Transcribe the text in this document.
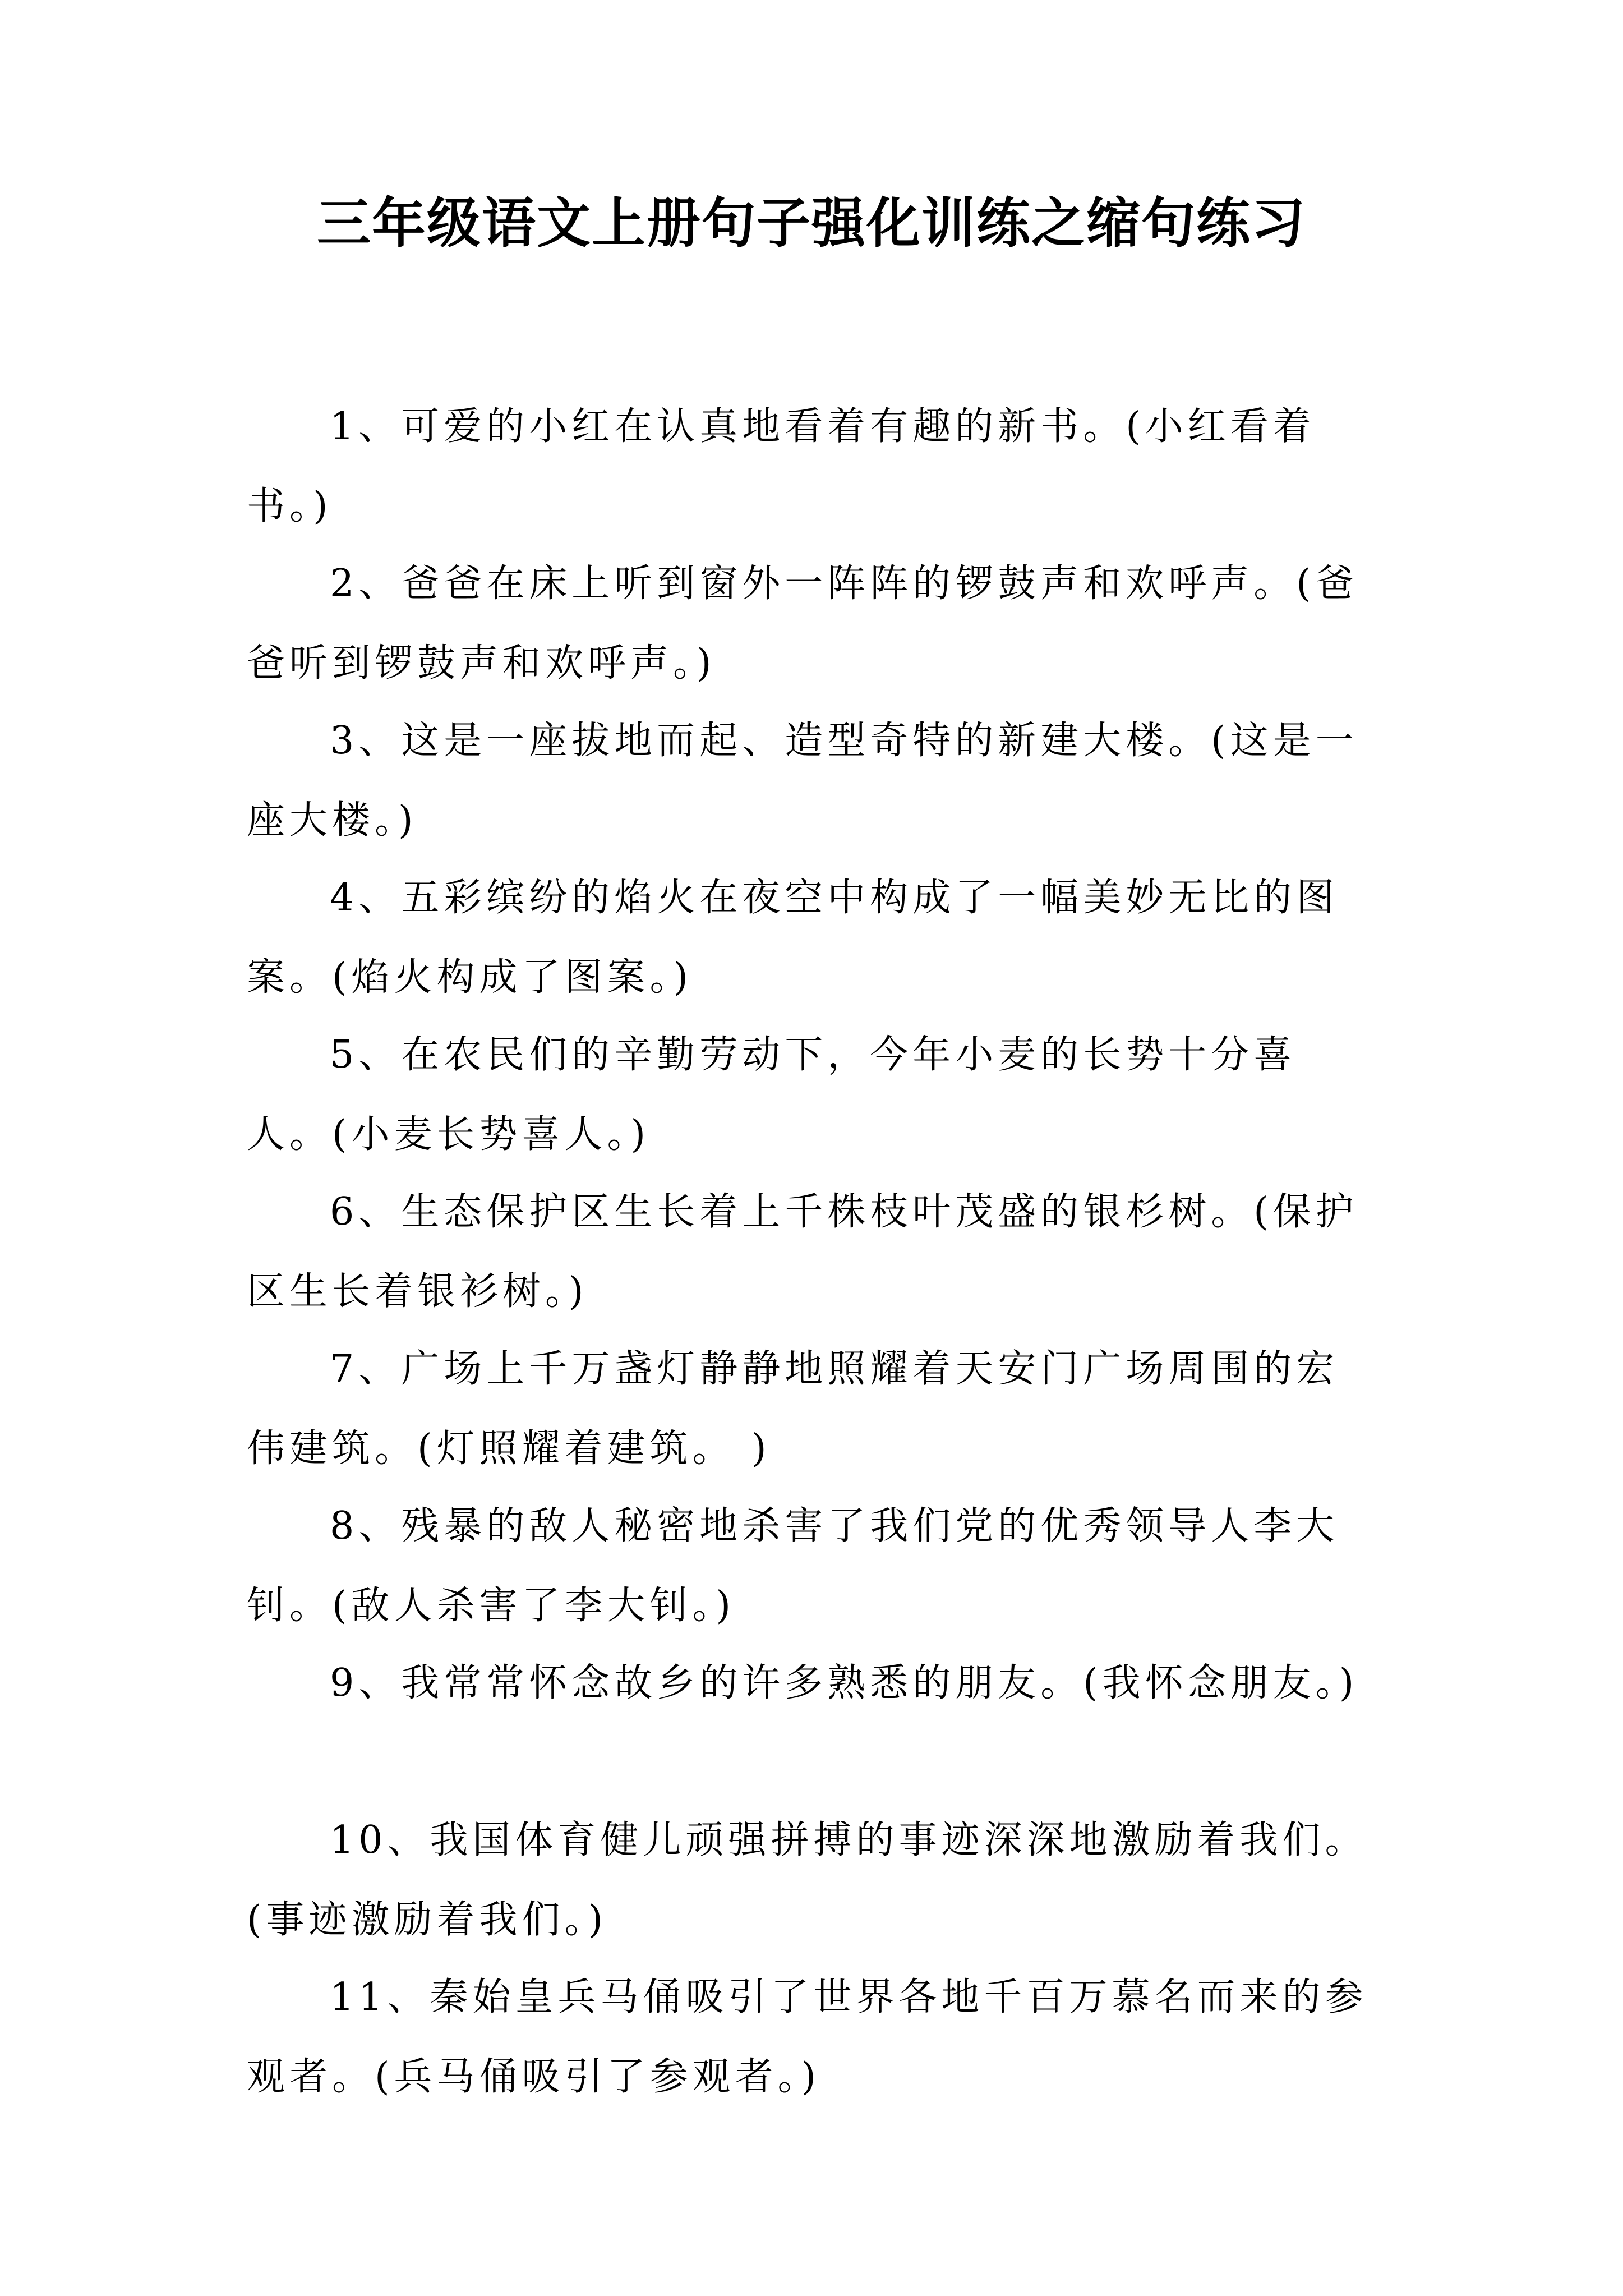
三年级语文上册句子强化训练之缩句练习

1、可爱的小红在认真地看着有趣的新书。(小红看着书。)

2、爸爸在床上听到窗外一阵阵的锣鼓声和欢呼声。(爸爸听到锣鼓声和欢呼声。)

3、这是一座拔地而起、造型奇特的新建大楼。(这是一座大楼。)

4、五彩缤纷的焰火在夜空中构成了一幅美妙无比的图案。(焰火构成了图案。)

5、在农民们的辛勤劳动下，今年小麦的长势十分喜人。(小麦长势喜人。)

6、生态保护区生长着上千株枝叶茂盛的银杉树。(保护区生长着银衫树。)

7、广场上千万盏灯静静地照耀着天安门广场周围的宏伟建筑。(灯照耀着建筑。 )

8、残暴的敌人秘密地杀害了我们党的优秀领导人李大钊。(敌人杀害了李大钊。)

9、我常常怀念故乡的许多熟悉的朋友。(我怀念朋友。)

10、我国体育健儿顽强拼搏的事迹深深地激励着我们。(事迹激励着我们。)

11、秦始皇兵马俑吸引了世界各地千百万慕名而来的参观者。(兵马俑吸引了参观者。)
